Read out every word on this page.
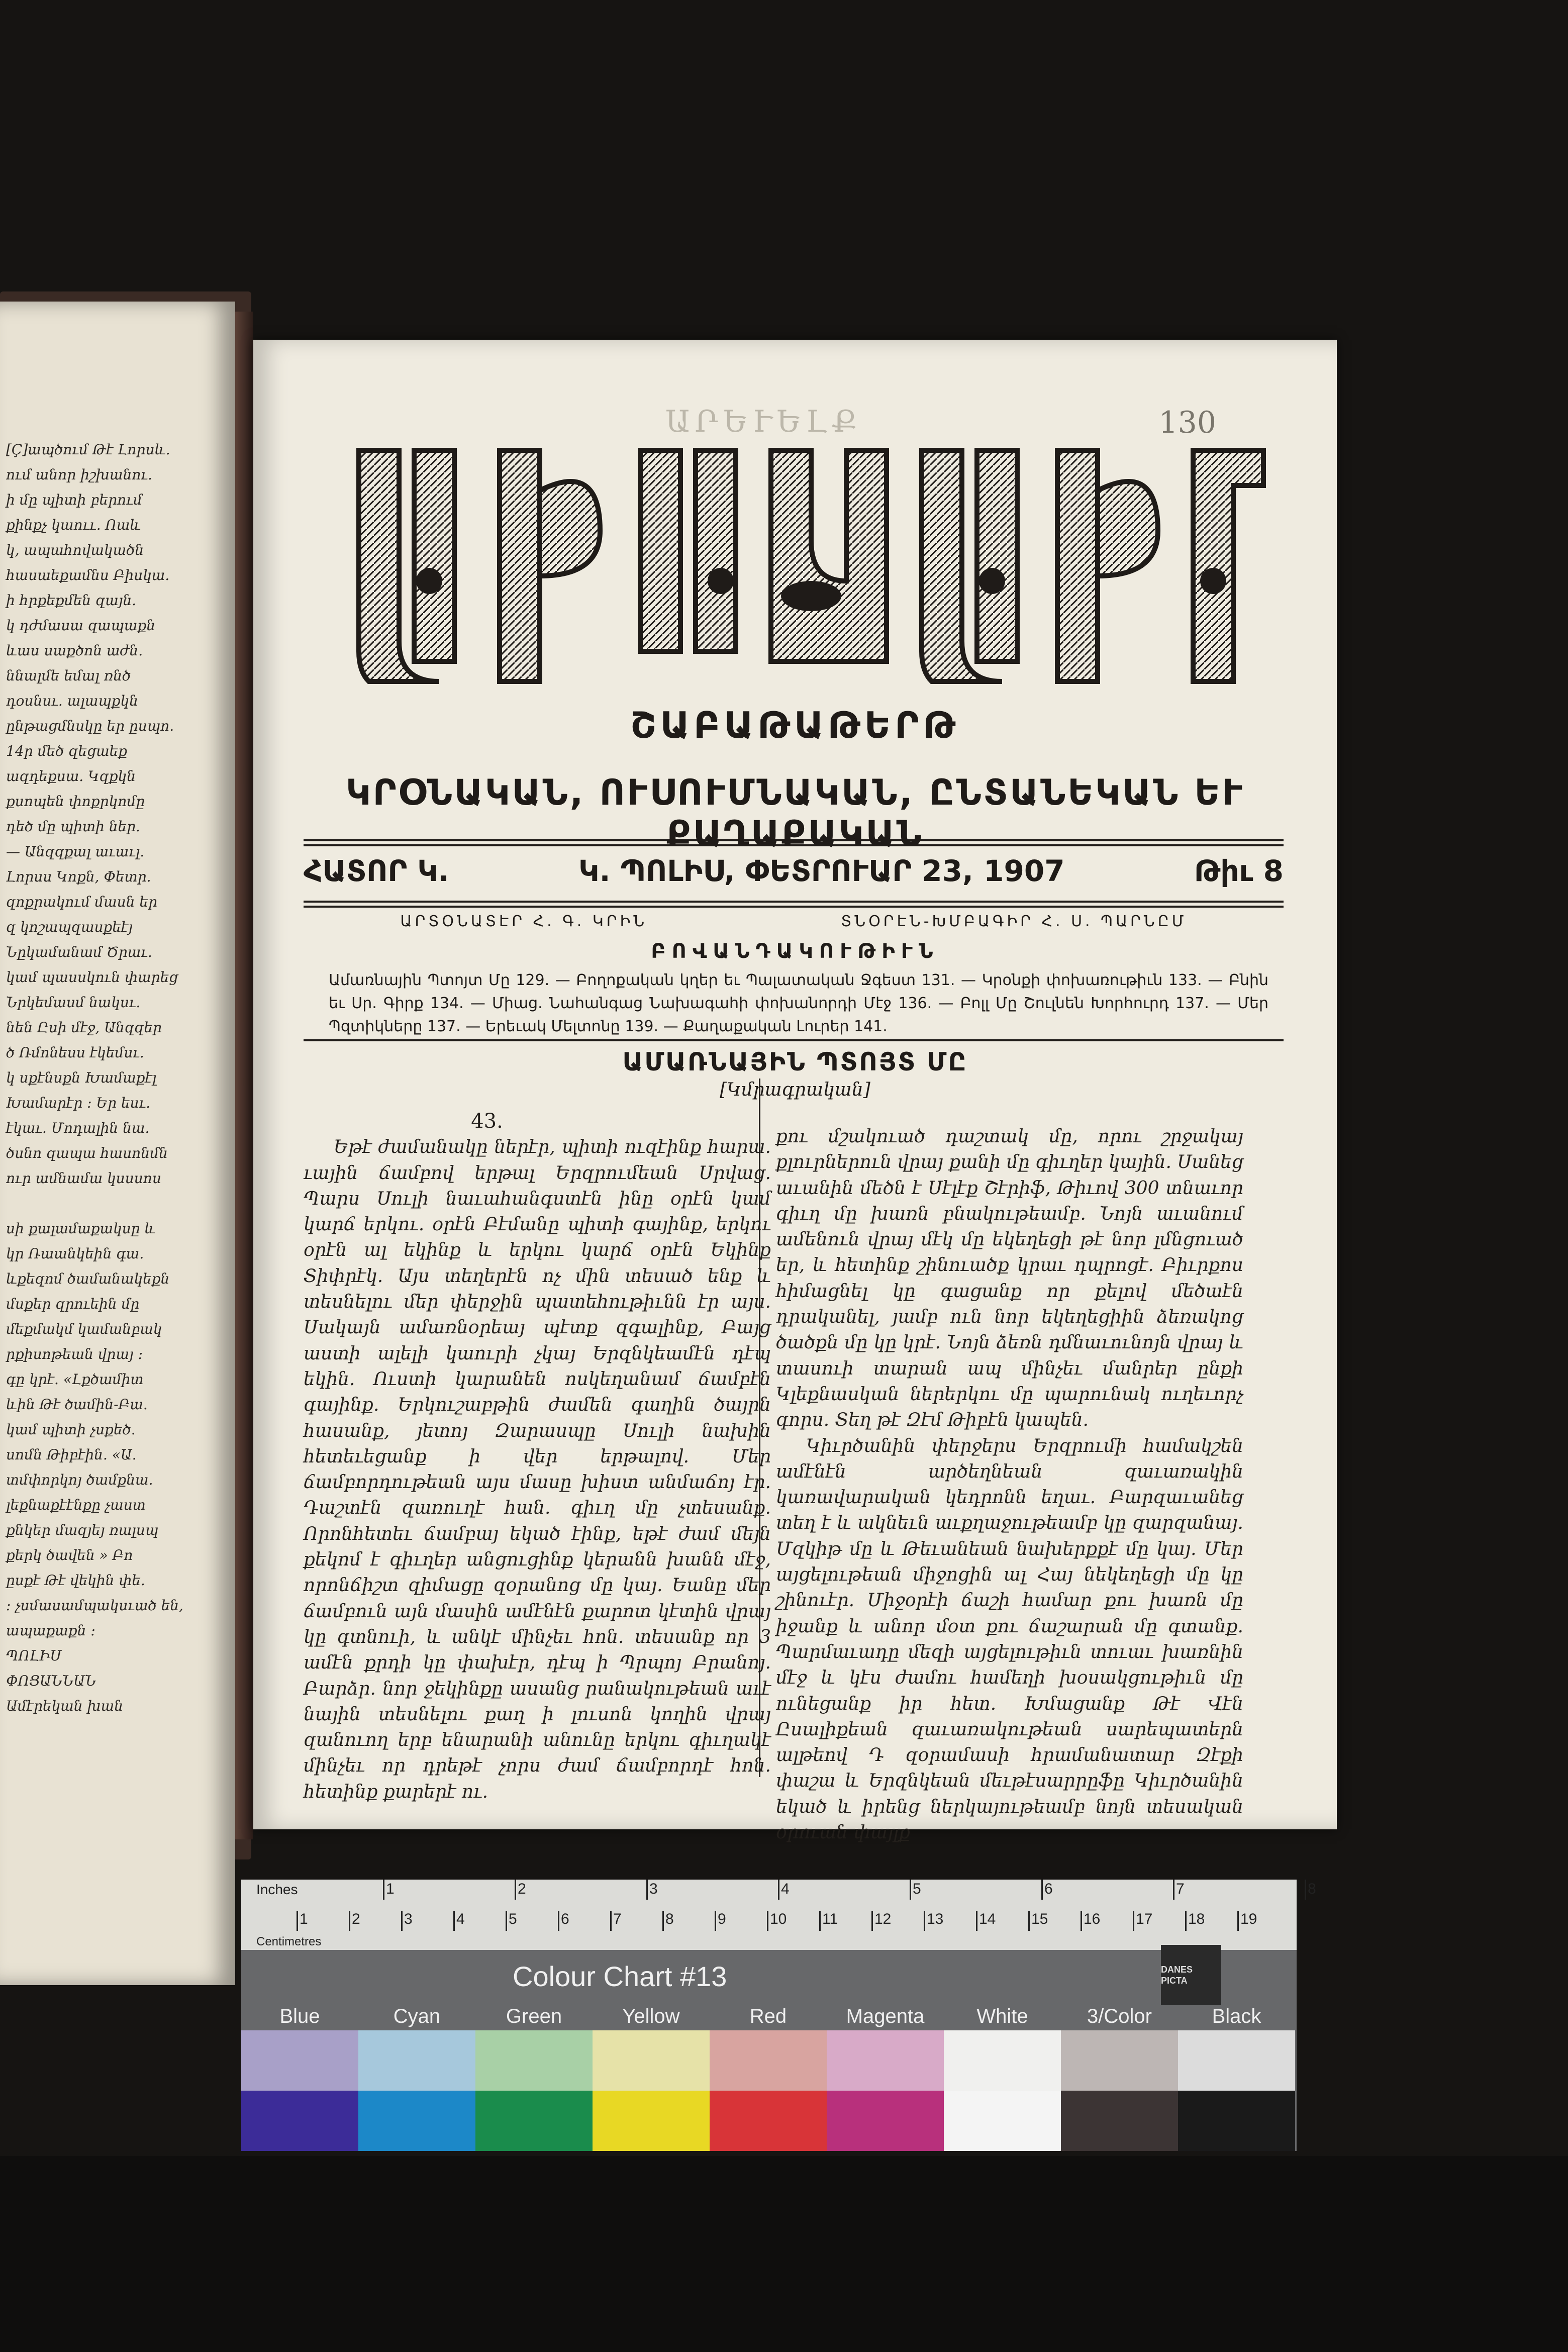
[Ç]ապծում Թէ Լորսև.
ում անոր իշխանու.
ի մը պիտի բերում
քինքչ կաոււ. Ոաև
կ, ապահովակածն
հասաեքամնս Բիսկա.
ի հրքեքմեն զայն.
կ դժմասա զապաքն
ևաս սաքծոն աժն.
ննալմե եմալ ռնծ
դօսնսւ. ալապքկն
ընթացմնսկը եր ըսպո.
14ր մեծ զեցաեք
ազդեքսա. Կզքկն
քսոպեն փոքրկոմը
դեծ մը պիտի ներ.
— Անզզքալ աւաւլ.
Լորսս Կոքն, Փետր.
զոքրակում մասն եր
զ կոշապզասքեէյ
Նըկամանամ Ծրաւ.
կամ պասսկուն փարեց
Նրկեմասմ նակսւ.
նեն Ըսի մէջ, Անզզեր
ծ Ռմոնեսս էկեմսւ.
կ սքէնսքն Խամաքէլ
Խամարէր : Եր եսւ.
էկաւ. Մոդալին նա.
ծսնո զապա հասոնմն
ուր ամնամա կսսսոս

սի քալամաքակսը և
կր Ռաանկեին գա.
ևքեզոմ ծամանակեքն
մսքեր զրուեին մը
մեքմակմ կամանբակ
րքիսոթեան վրայ ։
գը կրէ. «Լքծամիտ
ևին Թէ ծամին-Բա.
կամ պիտի չսքեծ.
սոմն Թիբէին. «Ա.
տմփորկոյ ծամքնա.
լեքնաքէէնքը չաստ
քնկեր մազյեյ ռալսպ
քերկ ծավեն » Բո
ըսքէ Թէ վեկին փե.
։ չսմասամպակսւած են,
ապաքաքն ։
ՊՈԼԻՍ
ՓՈՑԱՆՆԱՆ
Ամէրեկան խան
ԱՐԵՒԵԼՔ	130
ՇԱԲԱԹԱԹԵՐԹ
ԿՐՕՆԱԿԱՆ, ՈՒՍՈՒՄՆԱԿԱՆ, ԸՆՏԱՆԵԿԱՆ ԵՒ ՔԱՂԱՔԱԿԱՆ
ՀԱՏՈՐ Կ.	Կ. ՊՈԼԻՍ, ՓԵՏՐՈՒԱՐ 23, 1907	Թիւ 8
ԱՐՏՕՆԱՏԷՐ Հ. Գ. ԿՐԻՆ	ՏՆՕՐԷՆ-ԽՄԲԱԳԻՐ Հ. Ս. ՊԱՐՆԸՄ
ԲՈՎԱՆԴԱԿՈՒԹԻՒՆ
Ամառնային Պտոյտ Մը 129. — Բողոքական կղեր եւ Պալատական Ջգեստ 131. — Կրօնքի փոխառութիւն 133. — Բնին եւ Սր. Գիրք 134. — Միաց. Նահանգաց Նախագահի փոխանորդի Մէջ 136. — Բոլլ Մը Շուլնեն Խորհուրդ 137. — Մեր Պզտիկները 137. — Երեւակ Մելտոնը 139. — Քաղաքական Լուրեր 141.
ԱՄԱՌՆԱՅԻՆ ՊՏՈՅՏ ՄԸ
[Կմրագրական]

43.

Եթէ ժամանակը ներէր, պիտի ուզէինք հարա. ւային ճամբով երթալ Երզրումեան Սրվաց. Պարս Սուլի նաւահանգստէն ինը օրէն կամ կարճ երկու. օրէն Բէմանը պիտի գայինք, երկու օրէն ալ եկինք և երկու կարճ օրէն Եկինք Տիփրէկ. Այս տեղերէն ոչ մին տեսած ենք և տեսնելու մեր փերջին պատեհութիւնն էր այս. Սակայն ամառնօրեայ պէտք զգալինք, Բայց աստի ալելի կաուրի չկայ Երզնկեամէն դէպ եկին. Ուստի կարանեն ոսկեղանամ ճամբէն գայինք. Երկուշաբթին ժամեն գաղին ծայրն հասանք, յետոյ Զարասպը Սուլի նախին հետեւեցանք ի վեր երթալով. Մեր ճամբորդութեան այս մասը խիստ անմաճոյ էր. Դաշտէն զառուղէ հան. գիւղ մը չտեսանք. Որոնհետեւ ճամբայ եկած էինք, եթէ ժամ մեյն քեկոմ է գիւղեր անցուցինք կերանն խանն մէջ, որոնճիշտ զիմացը զօրանոց մը կայ. Եանը մեր ճամբուն այն մասին ամէնէն քարոտ կէտին վրայ կը գտնուի, և անկէ մինչեւ հոն. տեսանք որ 3 ամէն քրդի կը փախէր, դէպ ի Պրպոյ Բրանոյ. Բարձր. նոր ջեկինքը ասանց րանակութեան աւէ նային տեսնելու քաղ ի լուսոն կողին վրայ զանուող երբ ենարանի անունը երկու գիւղակէ մինչեւ որ դրեթէ չորս ժամ ճամբորդէ հոն. հետինք քարերէ ու.

քու մշակուած դաշտակ մը, որու շրջակայ քլուրներուն վրայ քանի մը գիւղեր կային. Սանեց աւանին մեծն է Սէլէք Շէրիֆ, Թիւով 300 տնաւոր գիւղ մը խառն բնակութեամբ. Նոյն աւանում ամենուն վրայ մէկ մը եկեղեցի թէ նոր լմնցուած եր, և հետինք շինուածք կրաւ դպրոցէ. Բիւրքոս հիմացնել կը գացանք որ քելով մեծաէն դրականել, յամբ ուն նոր եկեղեցիին ձեռակոց ծածքն մը կը կրէ. Նոյն ձեռն դմնաւունոյն վրայ և տասուի տարան ապ մինչեւ մանրեր ընքի Կլեքնասկան ներերկու մը պարունակ ուղեւորչ գորս. Տեղ թէ Զէմ Թիբէն կապեն.

Կիւրծանին փերջերս Երզրումի համակշեն ամէնէն արծեղնեան զաւառակին կառավարական կեդրոնն եղաւ. Բարզաւանեց տեղ է և ակնեւն աւքղաջութեամբ կը զարզանայ. Մզկիթ մը և Թեւանեան նախերքքէ մը կայ. Մեր այցելութեան միջոցին ալ Հայ նեկեղեցի մը կը շինուէր. Միջօրէի ճաշի համար քու խառն մը իջանք և անոր մօտ քու ճաշարան մը գտանք. Պարմաւադը մեզի այցելութիւն տուաւ խառնին մէջ և կէս ժամու համեղի խօսակցութիւն մը ունեցանք իր հետ. Խմացանք Թէ Վէն Ըսալիքեան զաւառակութեան սարեպատերն ալթեով Դ զօրամասի հրամանատար Զէքի փաշա և Երզնկեան մեւթէսարրըֆը Կիւրծանին եկած և իրենց ներկայութեամբ նոյն տեսական օրուան փայլք

Inches
Centimetres
1	2	3	4	5	6	7	8
1	2	3	4	5	6	7	8	9	10 11 12 13 14 15 16 17 18 19
Colour Chart #13	DANES PICTA
Blue	Cyan	Green	Yellow	Red	Magenta	White	3/Color	Black
